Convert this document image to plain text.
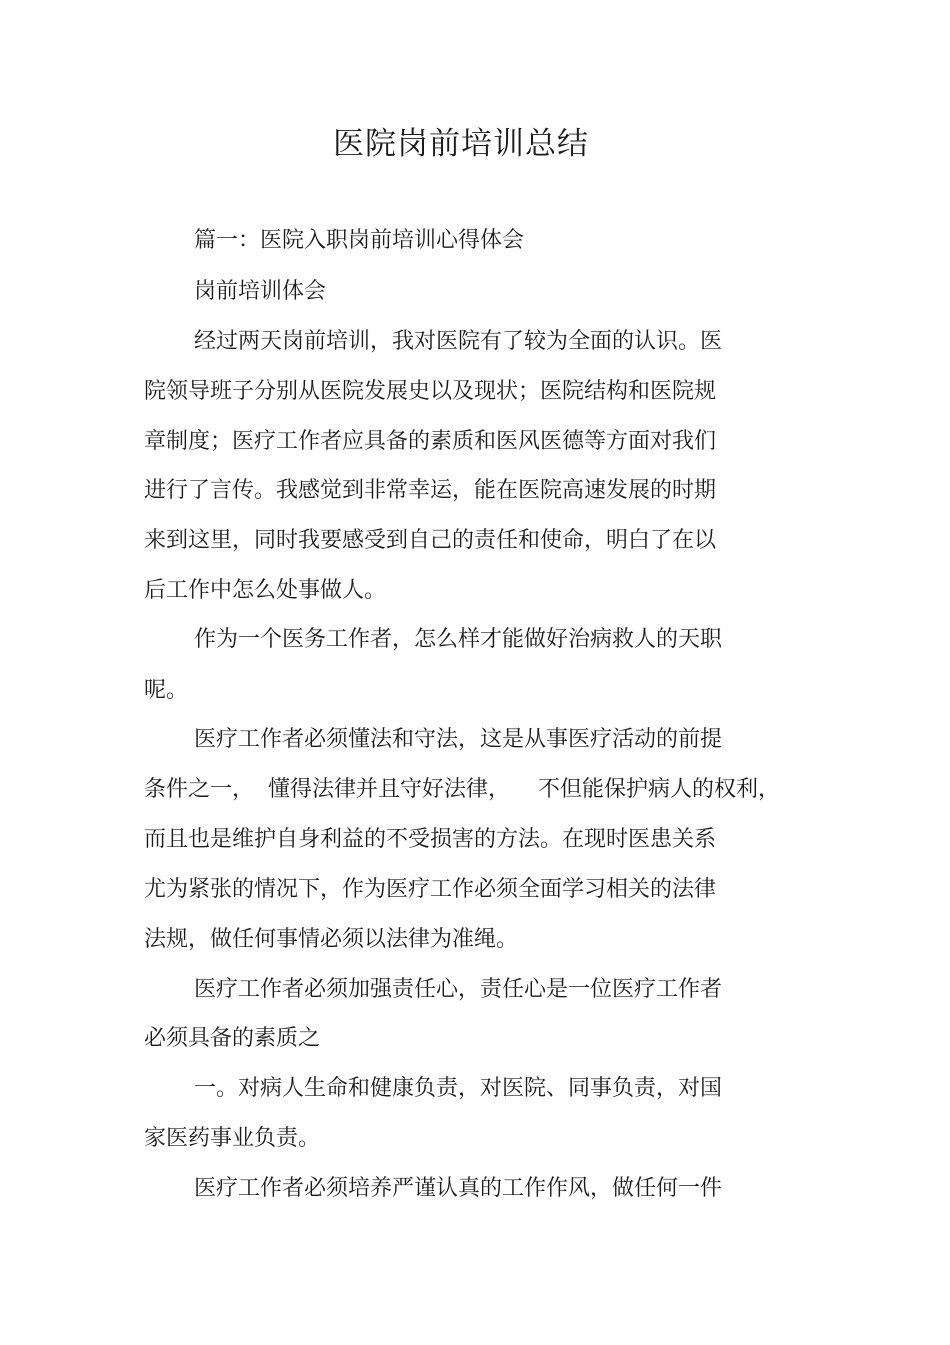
医院岗前培训总结
篇一：医院入职岗前培训心得体会
岗前培训体会
经过两天岗前培训，我对医院有了较为全面的认识。医
院领导班子分别从医院发展史以及现状；医院结构和医院规
章制度；医疗工作者应具备的素质和医风医德等方面对我们
进行了言传。我感觉到非常幸运，能在医院高速发展的时期
来到这里，同时我要感受到自己的责任和使命，明白了在以
后工作中怎么处事做人。
作为一个医务工作者，怎么样才能做好治病救人的天职
呢。
医疗工作者必须懂法和守法，这是从事医疗活动的前提
条件之一，  懂得法律并且守好法律，    不但能保护病人的权利，
而且也是维护自身利益的不受损害的方法。在现时医患关系
尤为紧张的情况下，作为医疗工作必须全面学习相关的法律
法规，做任何事情必须以法律为准绳。
医疗工作者必须加强责任心，责任心是一位医疗工作者
必须具备的素质之
一。对病人生命和健康负责，对医院、同事负责，对国
家医药事业负责。
医疗工作者必须培养严谨认真的工作作风，做任何一件
